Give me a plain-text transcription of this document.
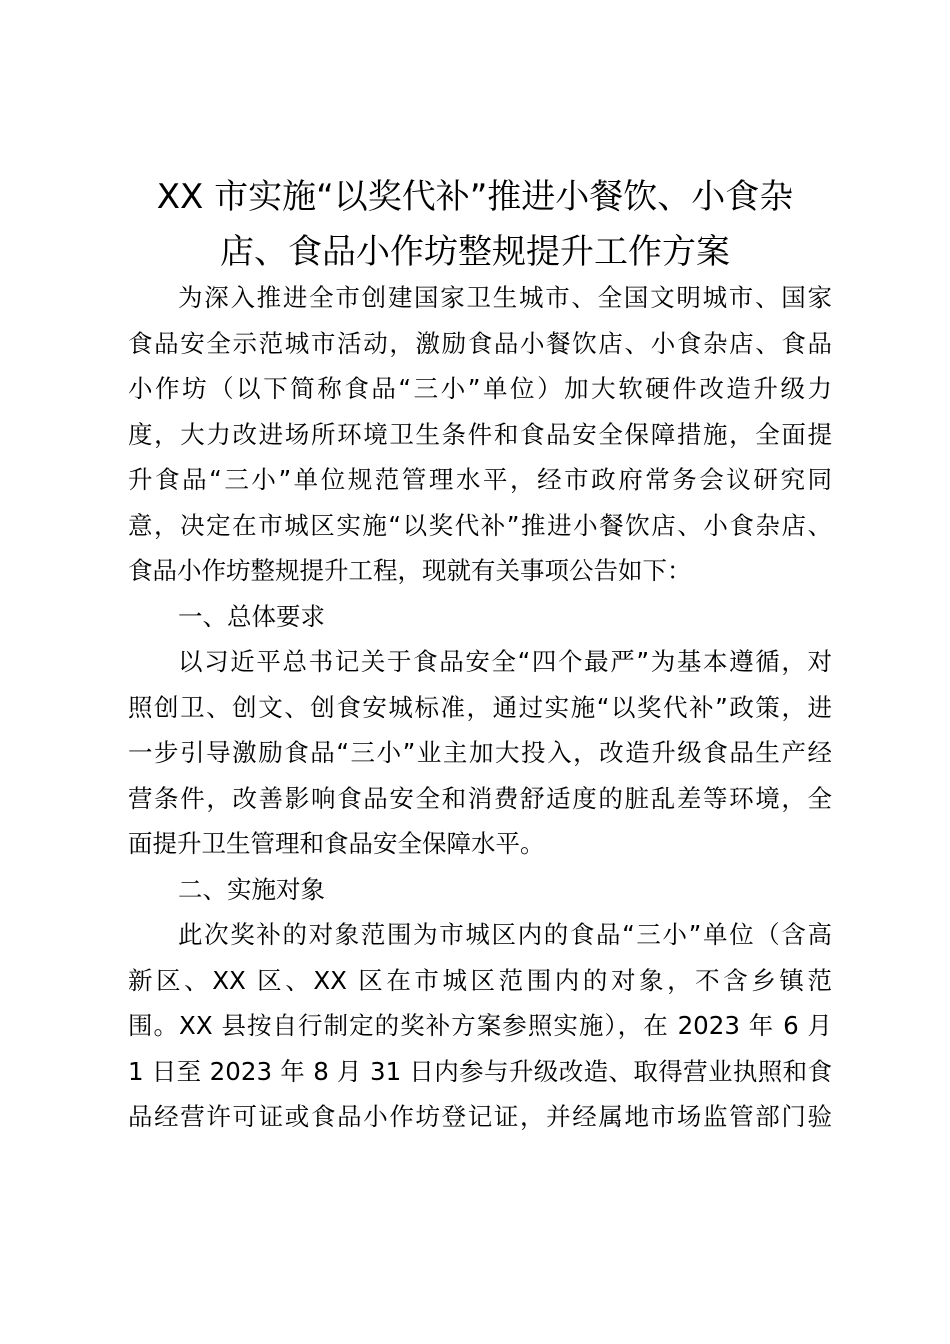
XX 市实施“以奖代补”推进小餐饮、小食杂
店、食品小作坊整规提升工作方案
为深入推进全市创建国家卫生城市、全国文明城市、国家
食品安全示范城市活动，激励食品小餐饮店、小食杂店、食品
小作坊（以下简称食品“三小”单位）加大软硬件改造升级力
度，大力改进场所环境卫生条件和食品安全保障措施，全面提
升食品“三小”单位规范管理水平，经市政府常务会议研究同
意，决定在市城区实施“以奖代补”推进小餐饮店、小食杂店、
食品小作坊整规提升工程，现就有关事项公告如下：
一、总体要求
以习近平总书记关于食品安全“四个最严”为基本遵循，对
照创卫、创文、创食安城标准，通过实施“以奖代补”政策，进
一步引导激励食品“三小”业主加大投入，改造升级食品生产经
营条件，改善影响食品安全和消费舒适度的脏乱差等环境，全
面提升卫生管理和食品安全保障水平。
二、实施对象
此次奖补的对象范围为市城区内的食品“三小”单位（含高
新区、XX 区、XX 区在市城区范围内的对象，不含乡镇范
围。XX 县按自行制定的奖补方案参照实施），在 2023 年 6 月
1 日至 2023 年 8 月 31 日内参与升级改造、取得营业执照和食
品经营许可证或食品小作坊登记证，并经属地市场监管部门验
